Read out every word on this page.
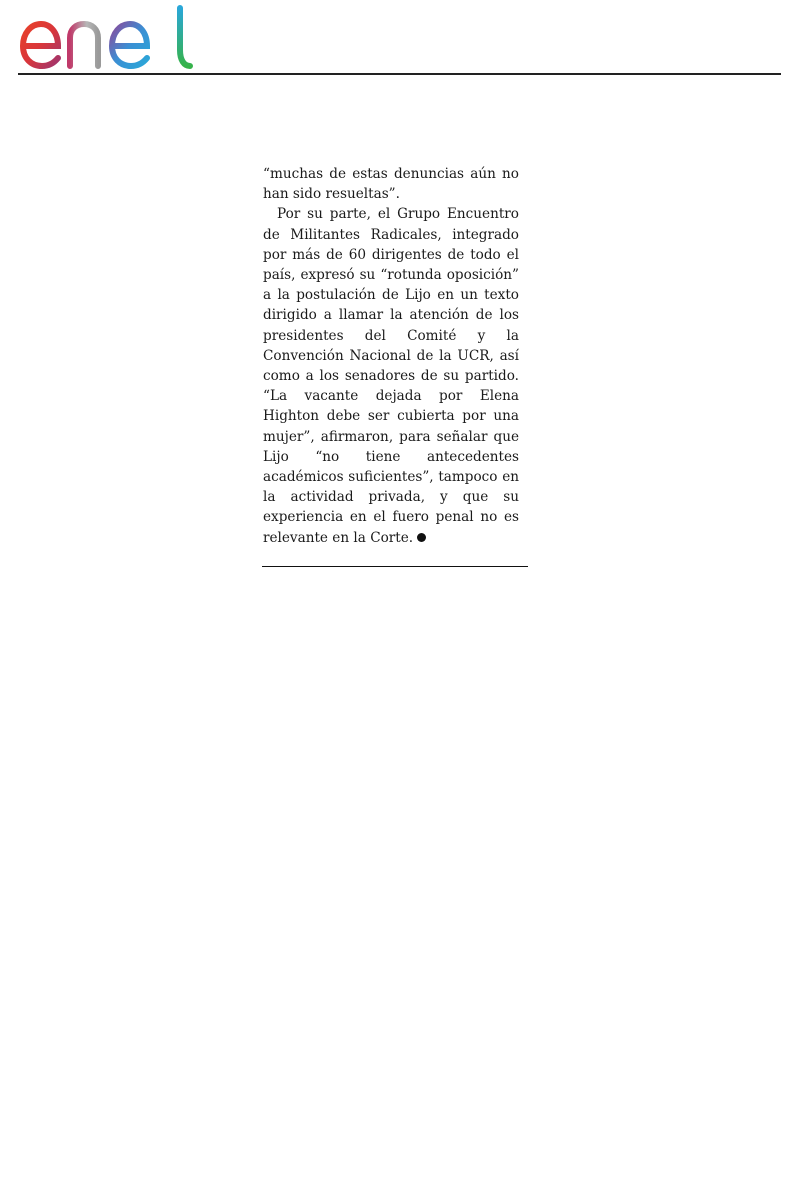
“muchas de estas denuncias aún no han sido resueltas”.

Por su parte, el Grupo Encuentro de Militantes Radicales, integrado por más de 60 dirigentes de todo el país, expresó su “rotunda oposición” a la postulación de Lijo en un texto dirigido a llamar la atención de los presidentes del Comité y la Convención Nacional de la UCR, así como a los senadores de su partido. “La vacante dejada por Elena Highton debe ser cubierta por una mujer”, afirmaron, para señalar que Lijo “no tiene antecedentes académicos suficientes”, tampoco en la actividad privada, y que su experiencia en el fuero penal no es relevante en la Corte.
